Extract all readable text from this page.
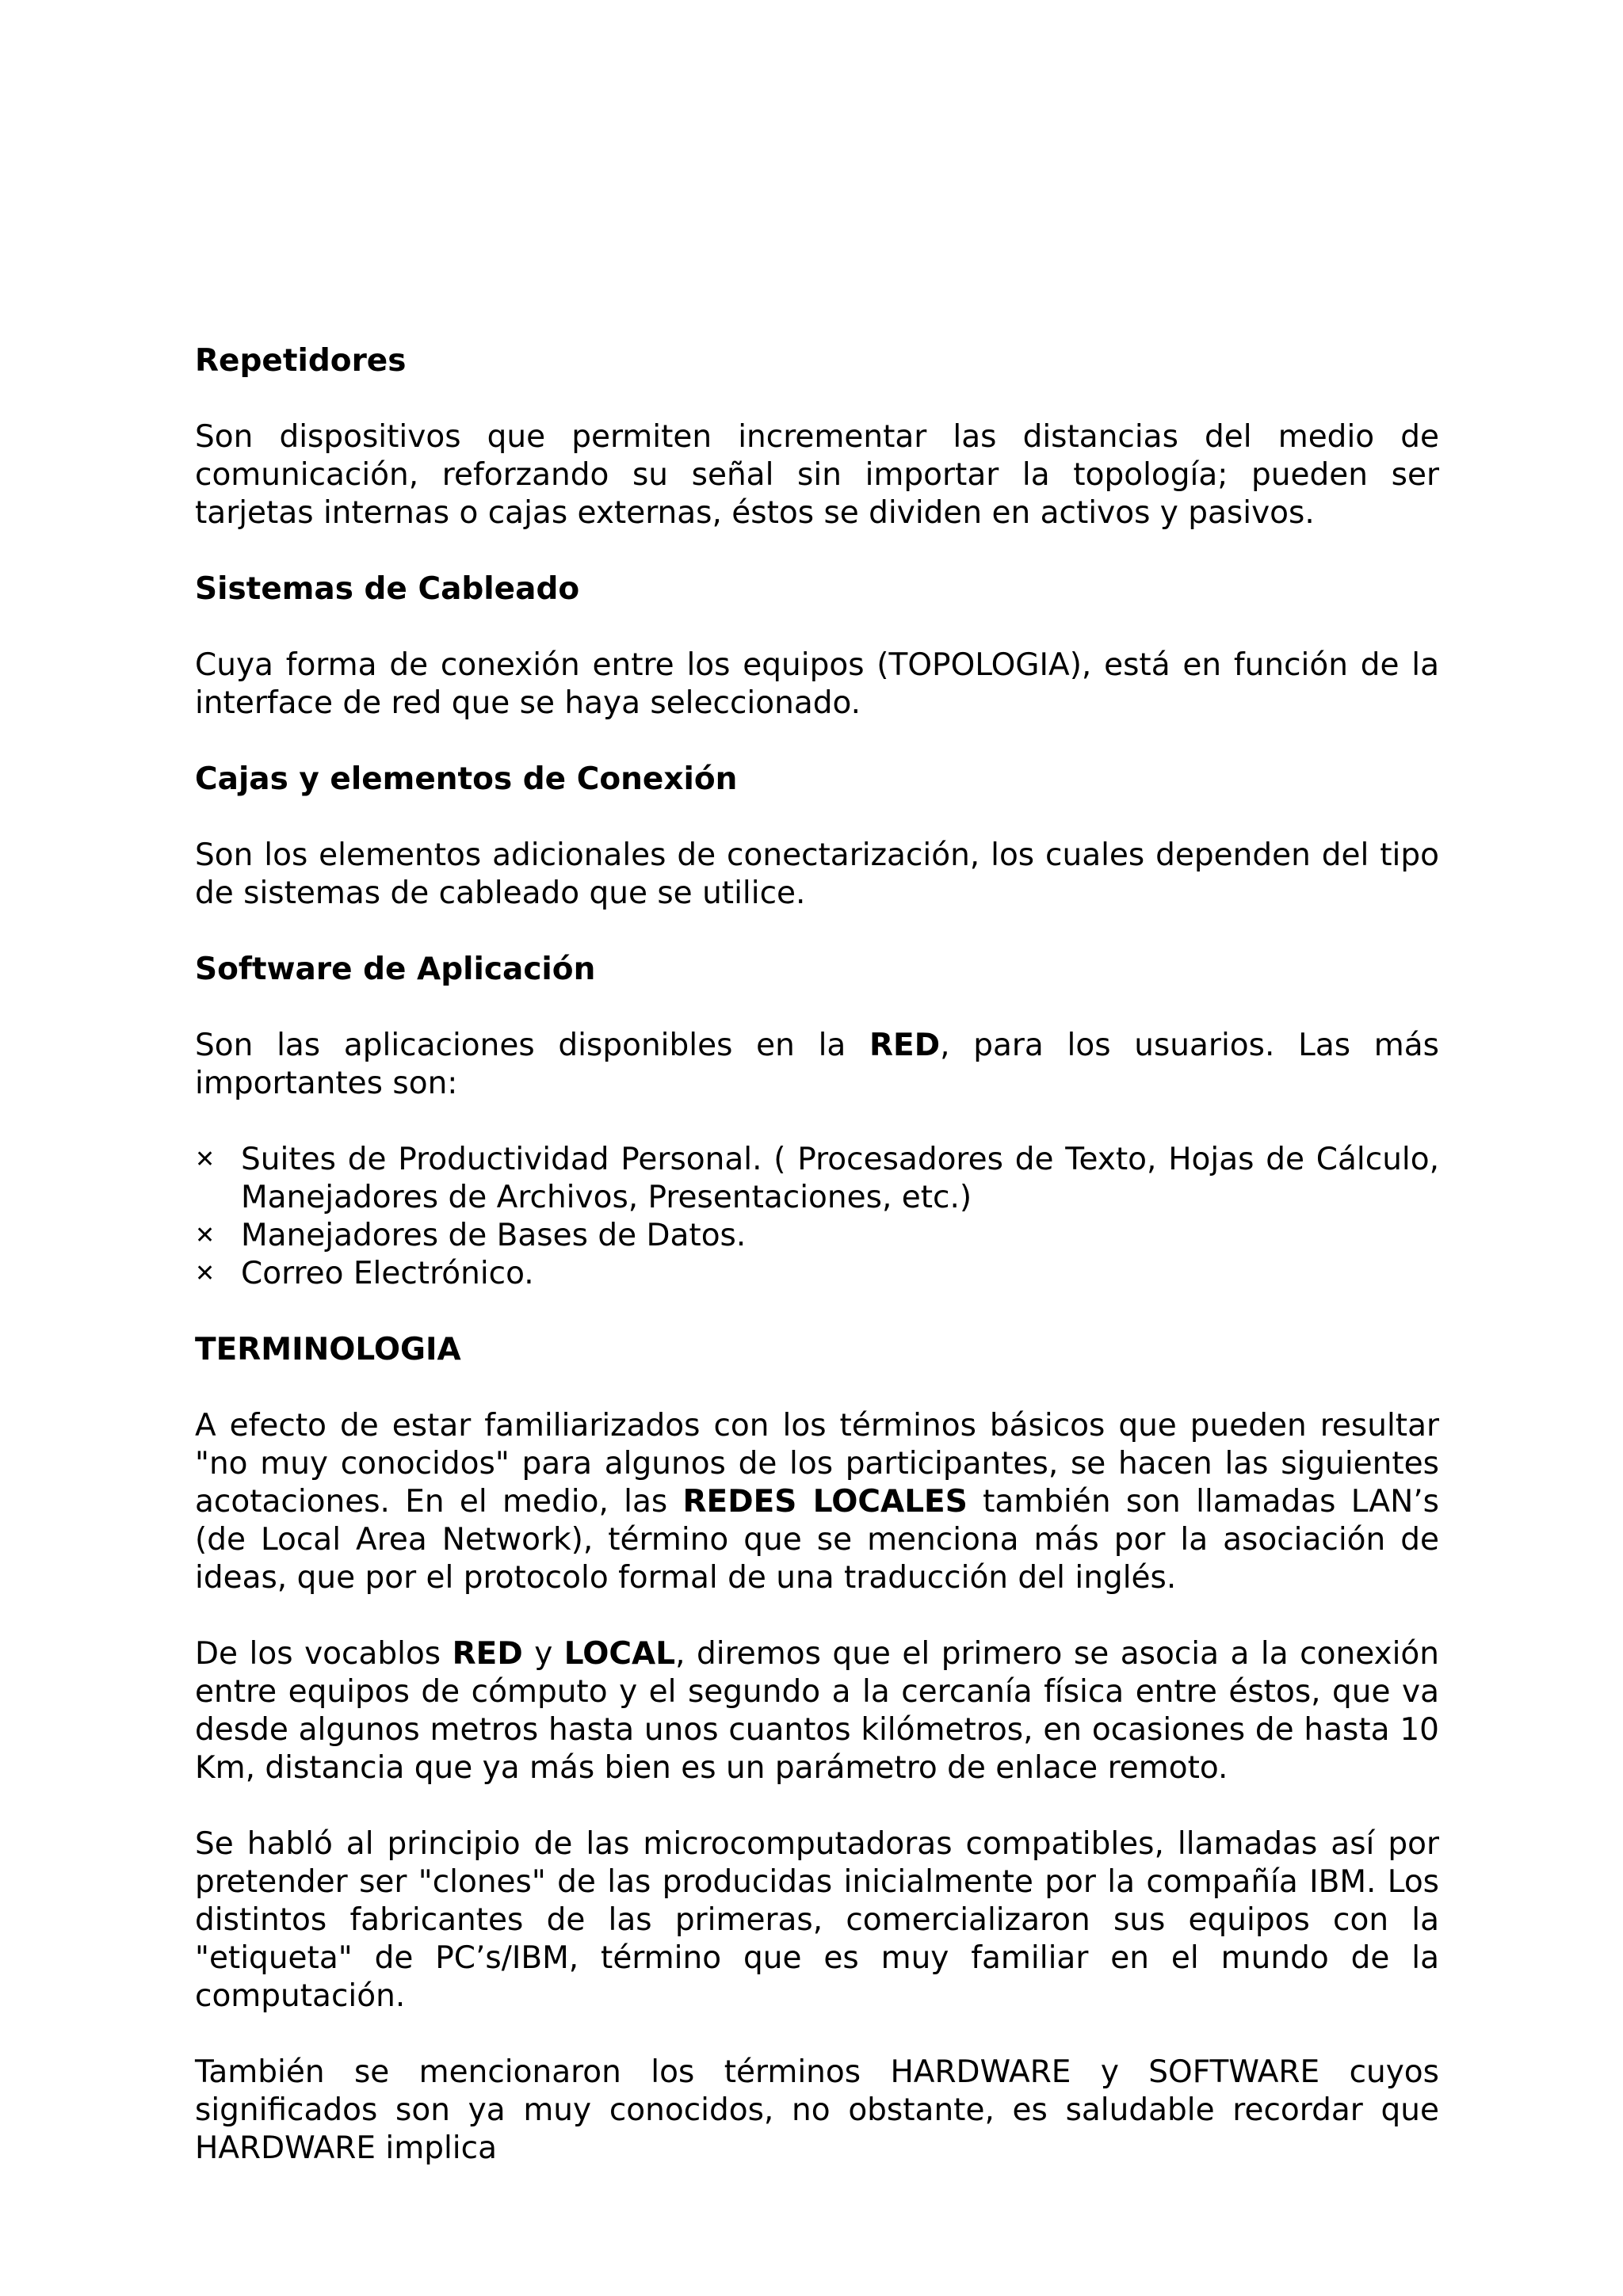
Repetidores

Son dispositivos que permiten incrementar las distancias del medio de comunicación, reforzando su señal sin importar la topología; pueden ser tarjetas internas o cajas externas, éstos se dividen en activos y pasivos.

Sistemas de Cableado

Cuya forma de conexión entre los equipos (TOPOLOGIA), está en función de la interface de red que se haya seleccionado.

Cajas y elementos de Conexión

Son los elementos adicionales de conectarización, los cuales dependen del tipo de sistemas de cableado que se utilice.

Software de Aplicación

Son las aplicaciones disponibles en la RED, para los usuarios. Las más importantes son:

✕ Suites de Productividad Personal. ( Procesadores de Texto, Hojas de Cálculo, Manejadores de Archivos, Presentaciones, etc.)
✕ Manejadores de Bases de Datos.
✕ Correo Electrónico.
TERMINOLOGIA

A efecto de estar familiarizados con los términos básicos que pueden resultar "no muy conocidos" para algunos de los participantes, se hacen las siguientes acotaciones. En el medio, las REDES LOCALES también son llamadas LAN’s (de Local Area Network), término que se menciona más por la asociación de ideas, que por el protocolo formal de una traducción del inglés.

De los vocablos RED y LOCAL, diremos que el primero se asocia a la conexión entre equipos de cómputo y el segundo a la cercanía física entre éstos, que va desde algunos metros hasta unos cuantos kilómetros, en ocasiones de hasta 10 Km, distancia que ya más bien es un parámetro de enlace remoto.

Se habló al principio de las microcomputadoras compatibles, llamadas así por pretender ser "clones" de las producidas inicialmente por la compañía IBM. Los distintos fabricantes de las primeras, comercializaron sus equipos con la "etiqueta" de PC’s/IBM, término que es muy familiar en el mundo de la computación.

También se mencionaron los términos HARDWARE y SOFTWARE cuyos significados son ya muy conocidos, no obstante, es saludable recordar que HARDWARE implica
